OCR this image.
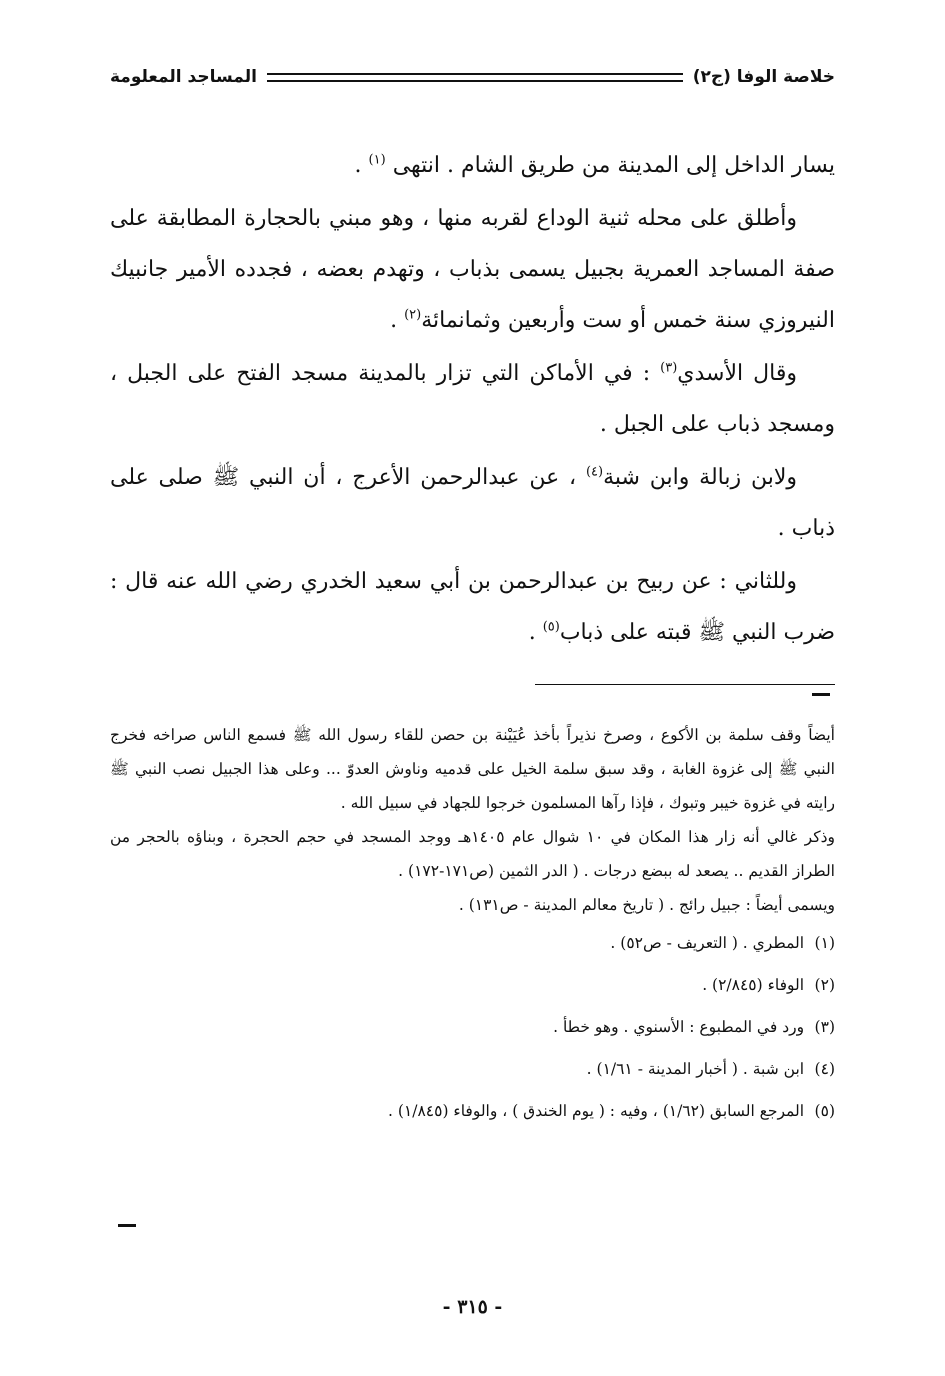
خلاصة الوفا (ج٢)
المساجد المعلومة

يسار الداخل إلى المدينة من طريق الشام . انتهى $^{(١)}$ .

وأطلق على محله ثنية الوداع لقربه منها ، وهو مبني بالحجارة المطابقة على صفة المساجد العمرية بجبيل يسمى بذباب ، وتهدم بعضه ، فجدده الأمير جانبيك النيروزي سنة خمس أو ست وأربعين وثمانمائة$^{(٢)}$ .

وقال الأسدي$^{(٣)}$ : في الأماكن التي تزار بالمدينة مسجد الفتح على الجبل ، ومسجد ذباب على الجبل .

ولابن زبالة وابن شبة$^{(٤)}$ ، عن عبدالرحمن الأعرج ، أن النبي ﷺ صلى على ذباب .

وللثاني : عن ربيح بن عبدالرحمن بن أبي سعيد الخدري رضي الله عنه قال : ضرب النبي ﷺ قبته على ذباب$^{(٥)}$ .

أيضاً وقف سلمة بن الأكوع ، وصرخ نذيراً بأخذ عُيَيْنة بن حصن للقاء رسول الله ﷺ فسمع الناس صراخه فخرج النبي ﷺ إلى غزوة الغابة ، وقد سبق سلمة الخيل على قدميه وناوش العدوّ ... وعلى هذا الجبيل نصب النبي ﷺ رايته في غزوة خيبر وتبوك ، فإذا رآها المسلمون خرجوا للجهاد في سبيل الله .

وذكر غالي أنه زار هذا المكان في ١٠ شوال عام ١٤٠٥هـ ووجد المسجد في حجم الحجرة ، وبناؤه بالحجر من الطراز القديم .. يصعد له ببضع درجات . ( الدر الثمين (ص١٧١-١٧٢) .

ويسمى أيضاً : جبيل رائج . ( تاريخ معالم المدينة - ص١٣١) .

(١) المطري . ( التعريف - ص٥٢) .
(٢) الوفاء (٢/٨٤٥) .
(٣) ورد في المطبوع : الأسنوي . وهو خطأ .
(٤) ابن شبة . ( أخبار المدينة - ١/٦١) .
(٥) المرجع السابق (١/٦٢) ، وفيه : ( يوم الخندق ) ، والوفاء (١/٨٤٥) .
- ٣١٥ -
